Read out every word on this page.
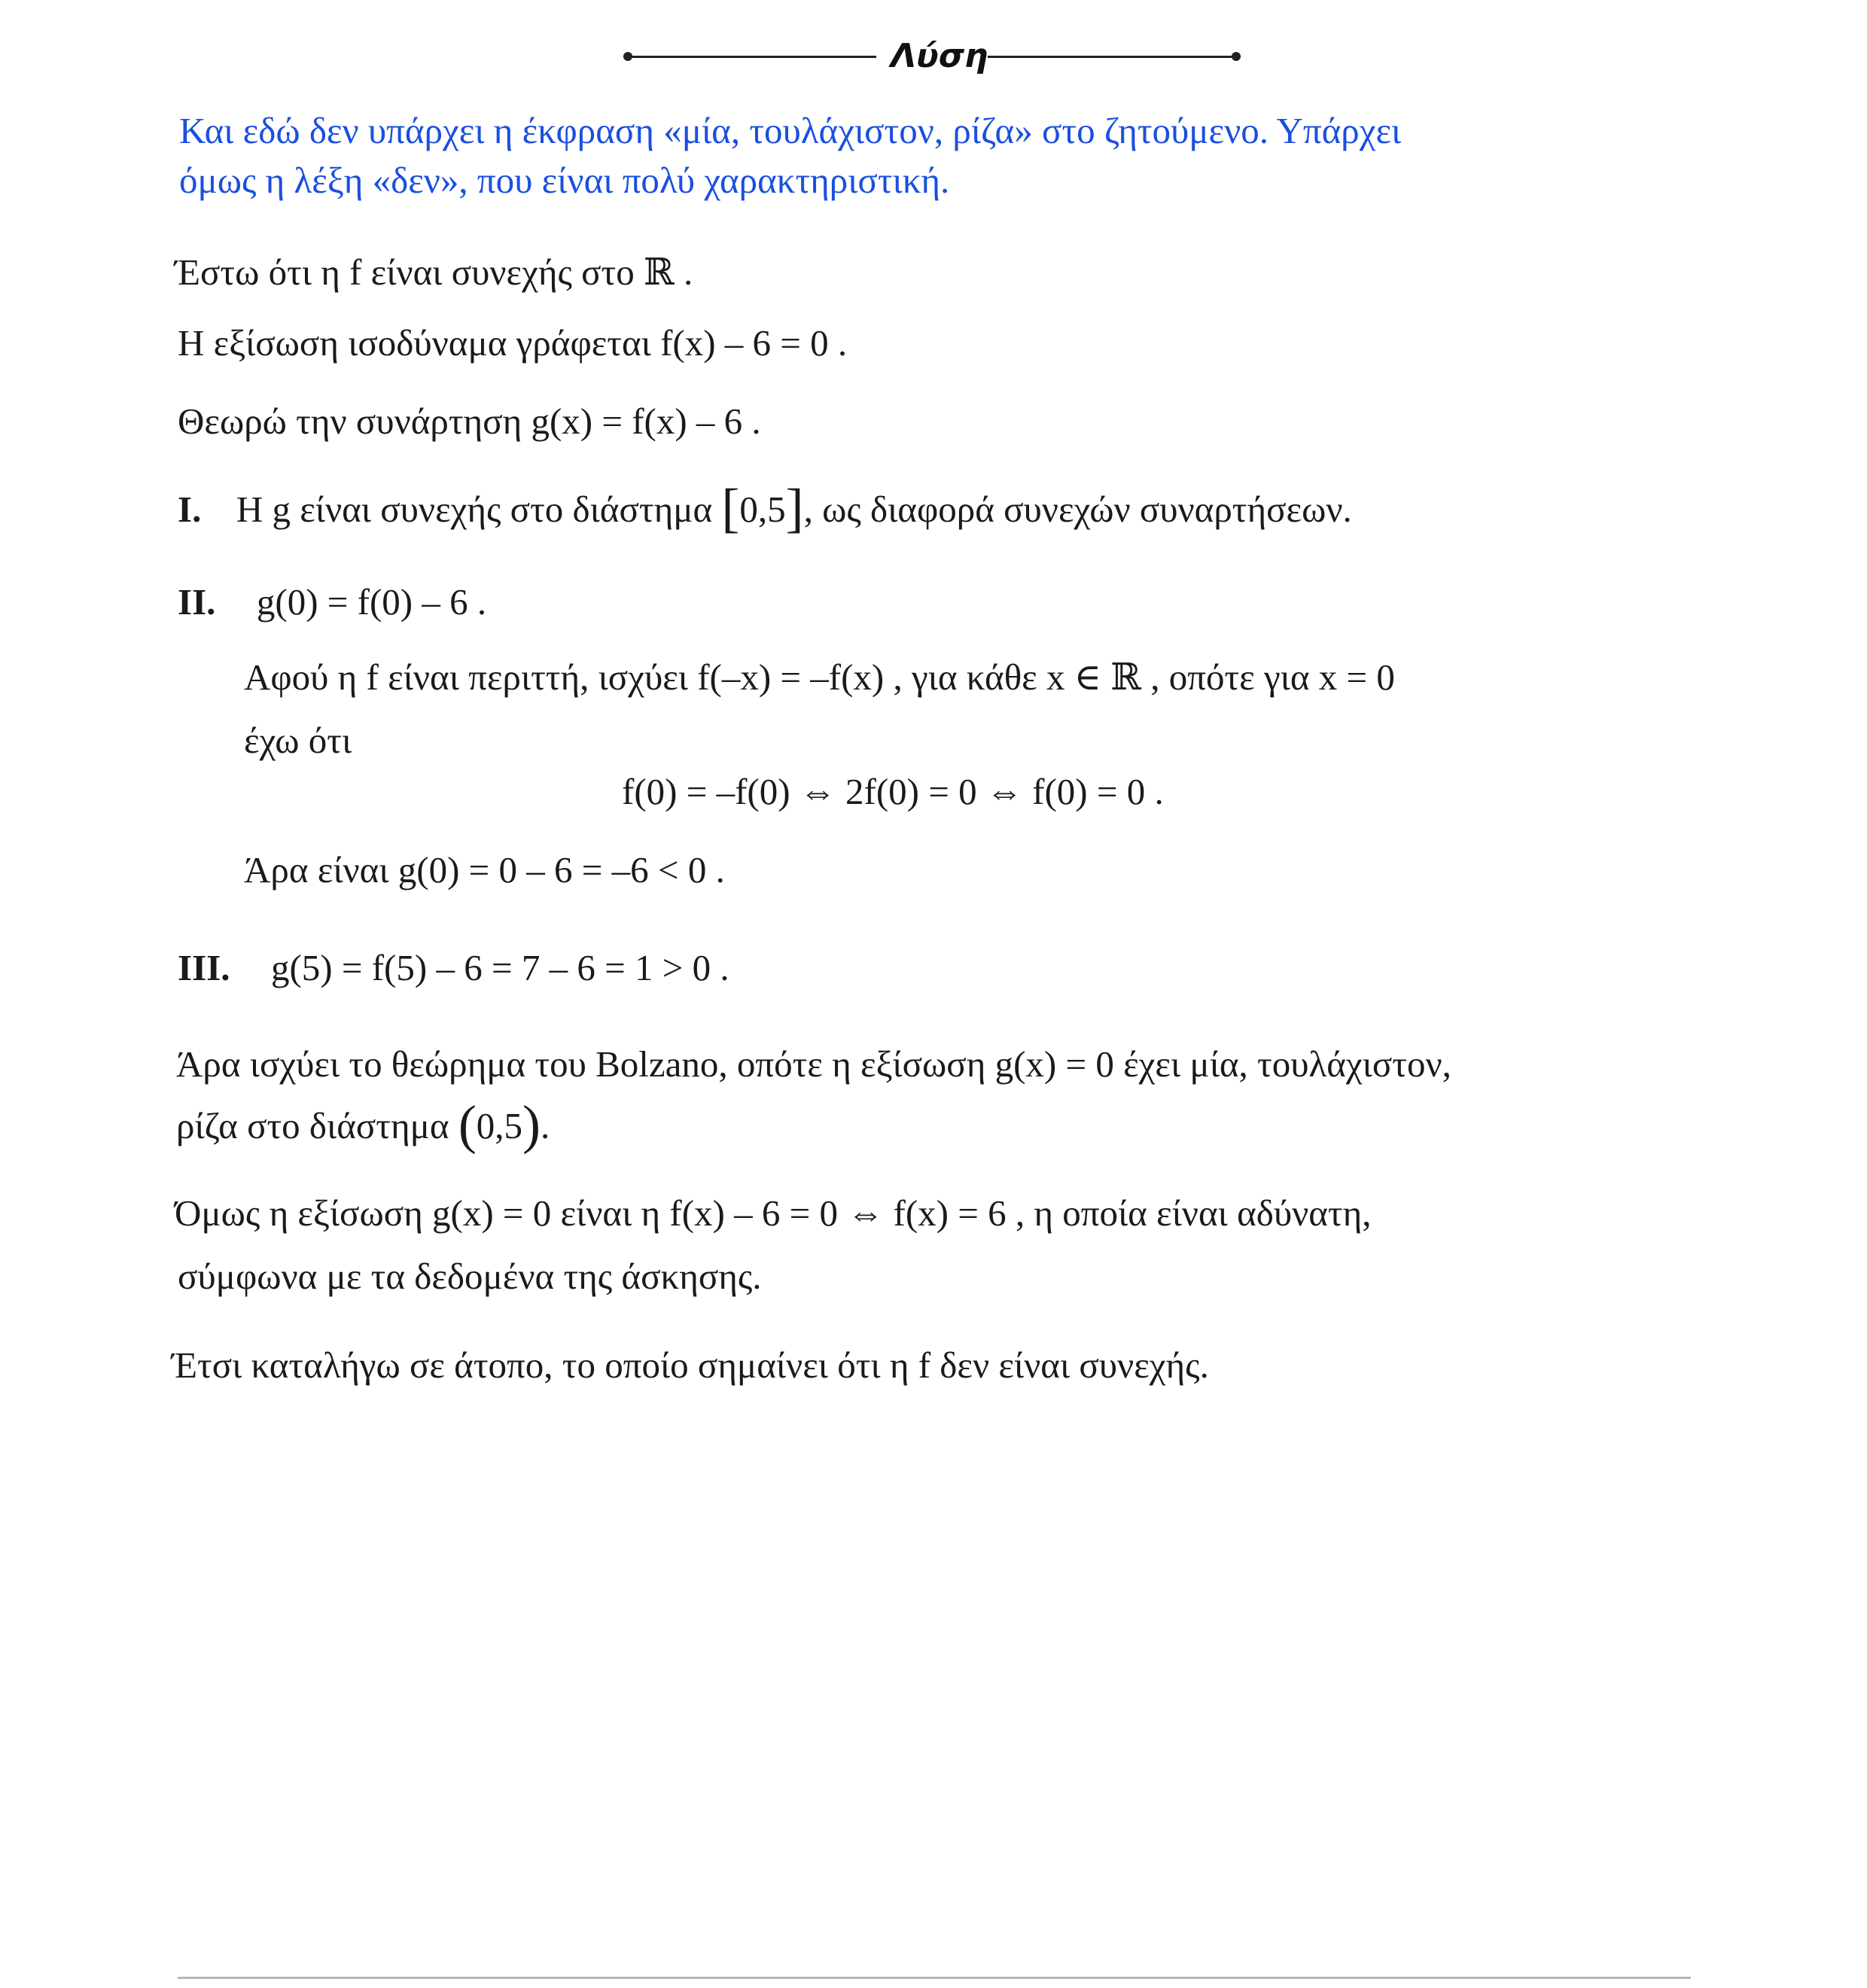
Λύση
Και εδώ δεν υπάρχει η έκφραση «μία, τουλάχιστον, ρίζα» στο ζητούμενο. Υπάρχει
όμως η λέξη «δεν», που είναι πολύ χαρακτηριστική.
Έστω ότι η f είναι συνεχής στο ℝ .
Η εξίσωση ισοδύναμα γράφεται f(x) – 6 = 0 .
Θεωρώ την συνάρτηση g(x) = f(x) – 6 .
I. Η g είναι συνεχής στο διάστημα [0,5], ως διαφορά συνεχών συναρτήσεων.
II. g(0) = f(0) – 6 .
Αφού η f είναι περιττή, ισχύει f(–x) = –f(x) , για κάθε x ∈ ℝ , οπότε για x = 0
έχω ότι
f(0) = –f(0) ⇔ 2f(0) = 0 ⇔ f(0) = 0 .
Άρα είναι g(0) = 0 – 6 = –6 < 0 .
III. g(5) = f(5) – 6 = 7 – 6 = 1 > 0 .
Άρα ισχύει το θεώρημα του Bolzano, οπότε η εξίσωση g(x) = 0 έχει μία, τουλάχιστον,
ρίζα στο διάστημα (0,5).
Όμως η εξίσωση g(x) = 0 είναι η f(x) – 6 = 0 ⇔ f(x) = 6 , η οποία είναι αδύνατη,
σύμφωνα με τα δεδομένα της άσκησης.
Έτσι καταλήγω σε άτοπο, το οποίο σημαίνει ότι η f δεν είναι συνεχής.
